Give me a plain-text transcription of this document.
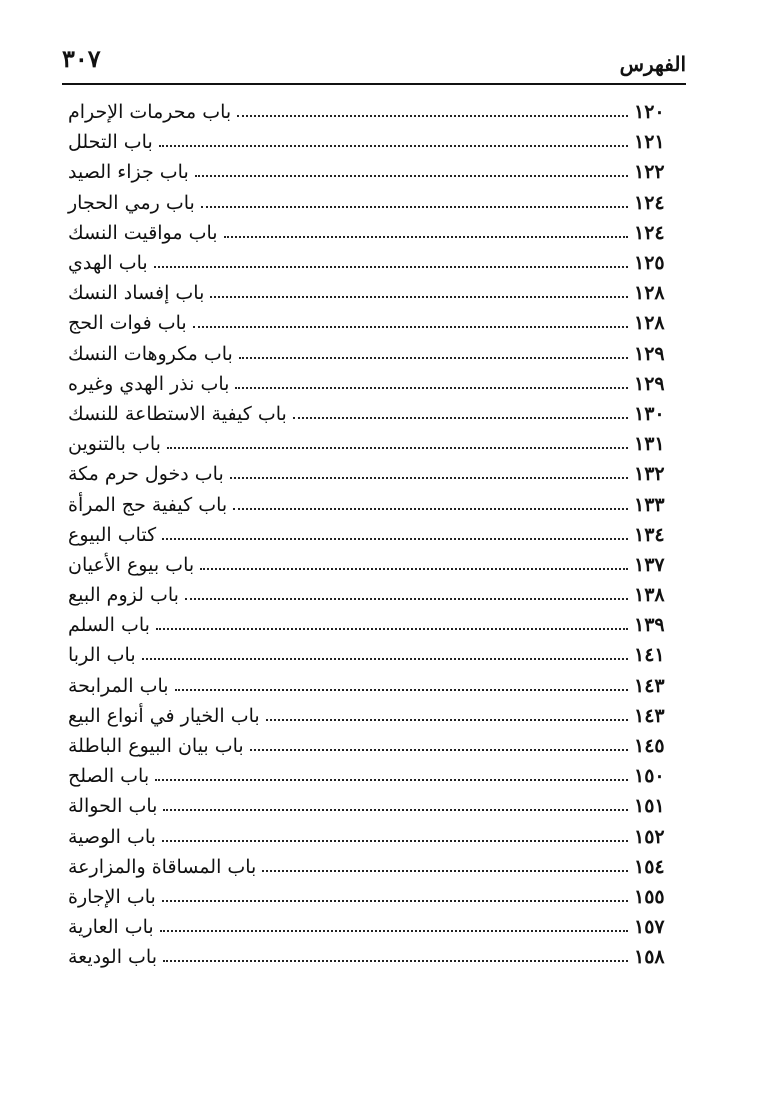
٣٠٧	الفهرس
باب محرمات الإحرام	١٢٠
باب التحلل	١٢١
باب جزاء الصيد	١٢٢
باب رمي الحجار	١٢٤
باب مواقيت النسك	١٢٤
باب الهدي	١٢٥
باب إفساد النسك	١٢٨
باب فوات الحج	١٢٨
باب مكروهات النسك	١٢٩
باب نذر الهدي وغيره	١٢٩
باب كيفية الاستطاعة للنسك	١٣٠
باب بالتنوين	١٣١
باب دخول حرم مكة	١٣٢
باب كيفية حج المرأة	١٣٣
كتاب البيوع	١٣٤
باب بيوع الأعيان	١٣٧
باب لزوم البيع	١٣٨
باب السلم	١٣٩
باب الربا	١٤١
باب المرابحة	١٤٣
باب الخيار في أنواع البيع	١٤٣
باب بيان البيوع الباطلة	١٤٥
باب الصلح	١٥٠
باب الحوالة	١٥١
باب الوصية	١٥٢
باب المساقاة والمزارعة	١٥٤
باب الإجارة	١٥٥
باب العارية	١٥٧
باب الوديعة	١٥٨
